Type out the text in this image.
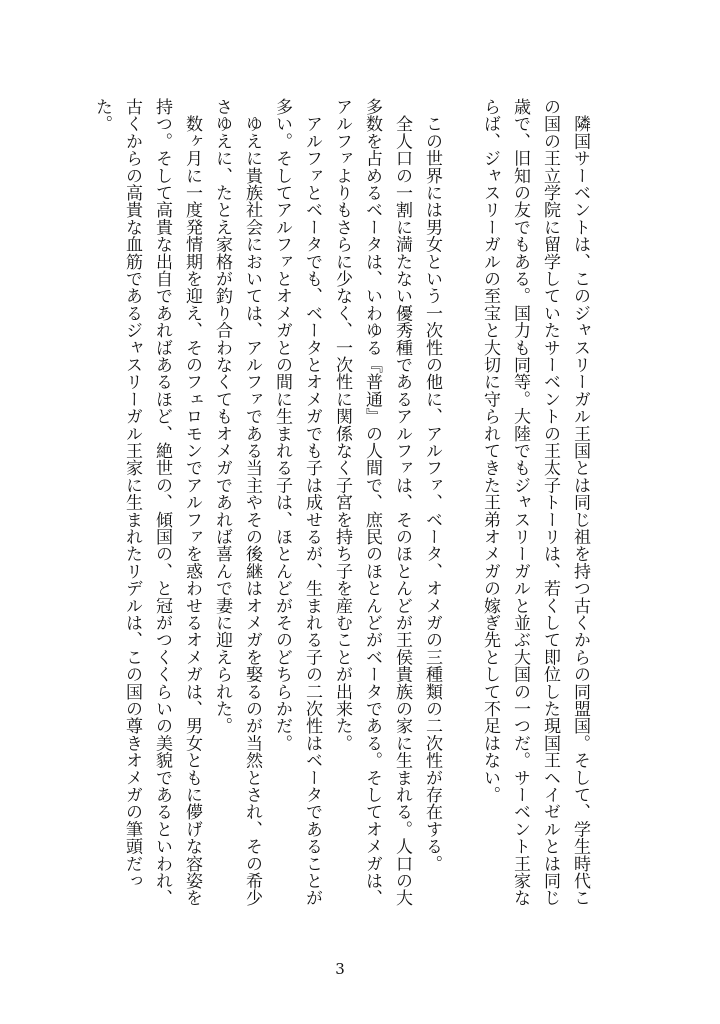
　隣国サーベントは、このジャスリーガル王国とは同じ祖を持つ古くからの同盟国。そして、学生時代こ
の国の王立学院に留学していたサーベントの王太子トーリは、若くして即位した現国王ヘイゼルとは同じ
歳で、旧知の友でもある。国力も同等。大陸でもジャスリーガルと並ぶ大国の一つだ。サーベント王家な
らば、ジャスリーガルの至宝と大切に守られてきた王弟オメガの嫁ぎ先として不足はない。
　この世界には男女という一次性の他に、アルファ、ベータ、オメガの三種類の二次性が存在する。
　全人口の一割に満たない優秀種であるアルファは、そのほとんどが王侯貴族の家に生まれる。人口の大
多数を占めるベータは、いわゆる『普通』の人間で、庶民のほとんどがベータである。そしてオメガは、
アルファよりもさらに少なく、一次性に関係なく子宮を持ち子を産むことが出来た。
　アルファとベータでも、ベータとオメガでも子は成せるが、生まれる子の二次性はベータであることが
多い。そしてアルファとオメガとの間に生まれる子は、ほとんどがそのどちらかだ。
　ゆえに貴族社会においては、アルファである当主やその後継はオメガを娶るのが当然とされ、その希少
さゆえに、たとえ家格が釣り合わなくてもオメガであれば喜んで妻に迎えられた。
　数ヶ月に一度発情期を迎え、そのフェロモンでアルファを惑わせるオメガは、男女ともに儚げな容姿を
持つ。そして高貴な出自であればあるほど、絶世の、傾国の、と冠がつくくらいの美貌であるといわれ、
古くからの高貴な血筋であるジャスリーガル王家に生まれたリデルは、この国の尊きオメガの筆頭だっ
た。
3
